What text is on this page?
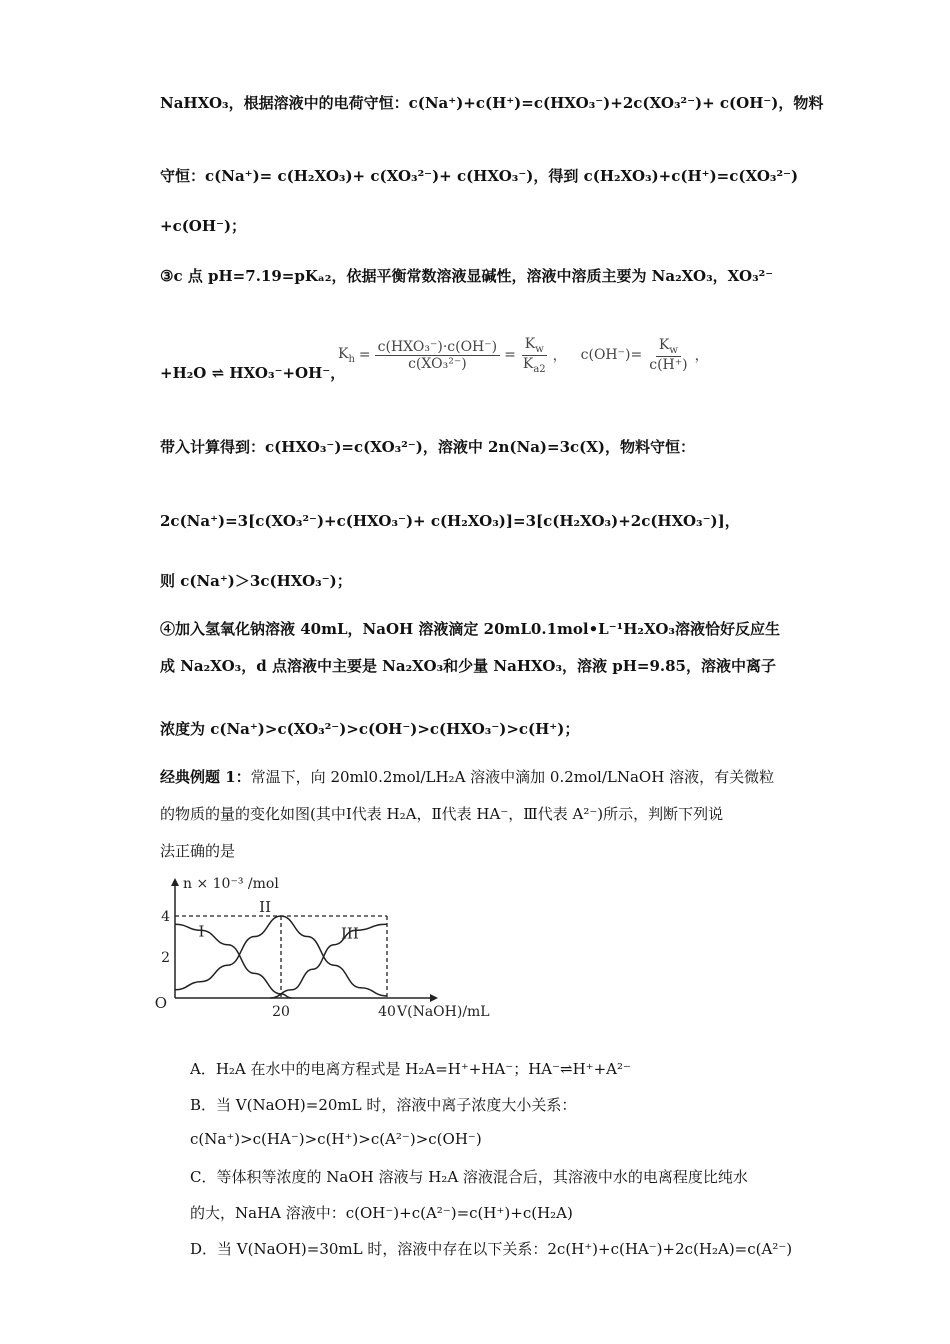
NaHXO₃，根据溶液中的电荷守恒：c(Na⁺)+c(H⁺)=c(HXO₃⁻)+2c(XO₃²⁻)+ c(OH⁻)，物料
守恒：c(Na⁺)= c(H₂XO₃)+ c(XO₃²⁻)+ c(HXO₃⁻)，得到 c(H₂XO₃)+c(H⁺)=c(XO₃²⁻)
+c(OH⁻)；
③c 点 pH=7.19=pKₐ₂，依据平衡常数溶液显碱性，溶液中溶质主要为 Na₂XO₃，XO₃²⁻
+H₂O ⇌ HXO₃⁻+OH⁻，
$K_h = \frac{\text{c(HXO₃⁻)·c(OH⁻)}}{\text{c(XO₃²⁻)}} = \frac{K_w}{K_{a2}}$ ， $c(OH^-)= \frac{K_w}{c(H^+)}$ ，
带入计算得到：c(HXO₃⁻)=c(XO₃²⁻)，溶液中 2n(Na)=3c(X)，物料守恒：
2c(Na⁺)=3[c(XO₃²⁻)+c(HXO₃⁻)+ c(H₂XO₃)]=3[c(H₂XO₃)+2c(HXO₃⁻)]，
则 c(Na⁺)＞3c(HXO₃⁻)；
④加入氢氧化钠溶液 40mL，NaOH 溶液滴定 20mL0.1mol•L⁻¹H₂XO₃溶液恰好反应生
成 Na₂XO₃，d 点溶液中主要是 Na₂XO₃和少量 NaHXO₃，溶液 pH=9.85，溶液中离子
浓度为 c(Na⁺)>c(XO₃²⁻)>c(OH⁻)>c(HXO₃⁻)>c(H⁺)；
经典例题 1：常温下，向 20ml0.2mol/LH₂A 溶液中滴加 0.2mol/LNaOH 溶液，有关微粒
的物质的量的变化如图(其中Ⅰ代表 H₂A，Ⅱ代表 HA⁻，Ⅲ代表 A²⁻)所示，判断下列说
法正确的是
I
II
III
20	40
4
2
O
n × 10⁻³ /mol
V(NaOH)/mL
A．H₂A 在水中的电离方程式是 H₂A=H⁺+HA⁻；HA⁻⇌H⁺+A²⁻
B．当 V(NaOH)=20mL 时，溶液中离子浓度大小关系：
c(Na⁺)>c(HA⁻)>c(H⁺)>c(A²⁻)>c(OH⁻)
C．等体积等浓度的 NaOH 溶液与 H₂A 溶液混合后，其溶液中水的电离程度比纯水
的大，NaHA 溶液中：c(OH⁻)+c(A²⁻)=c(H⁺)+c(H₂A)
D．当 V(NaOH)=30mL 时，溶液中存在以下关系：2c(H⁺)+c(HA⁻)+2c(H₂A)=c(A²⁻)
